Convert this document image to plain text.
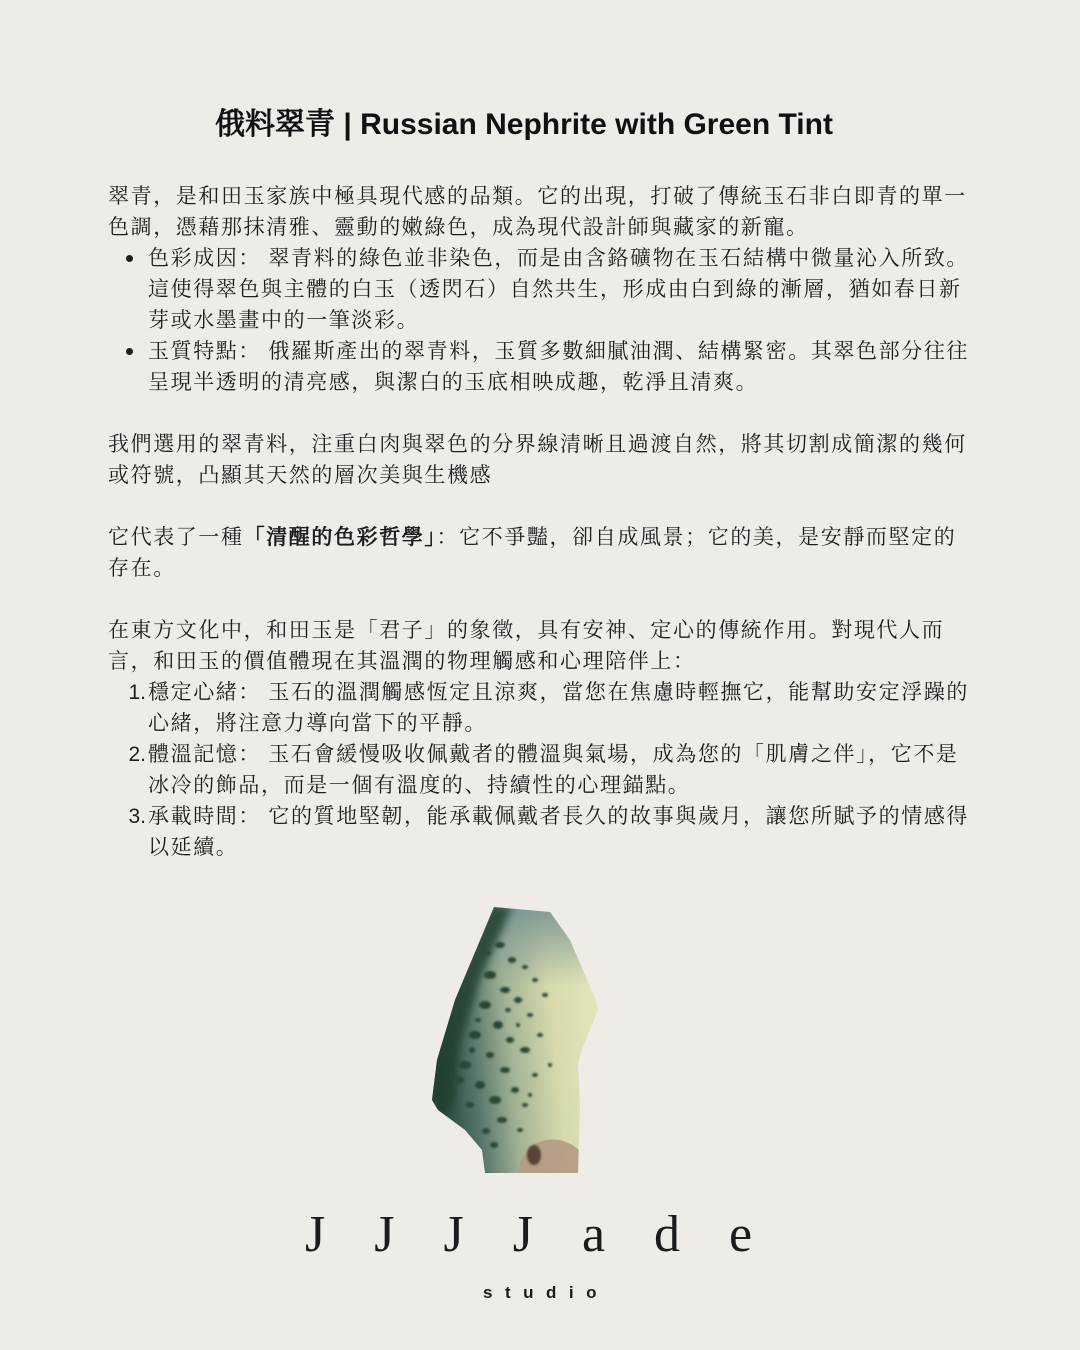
俄料翠青 | Russian Nephrite with Green Tint

翠青，是和田玉家族中極具現代感的品類。它的出現，打破了傳統玉石非白即青的單一
色調，憑藉那抹清雅、靈動的嫩綠色，成為現代設計師與藏家的新寵。

色彩成因： 翠青料的綠色並非染色，而是由含鉻礦物在玉石結構中微量沁入所致。
這使得翠色與主體的白玉（透閃石）自然共生，形成由白到綠的漸層，猶如春日新
芽或水墨畫中的一筆淡彩。
玉質特點： 俄羅斯產出的翠青料，玉質多數細膩油潤、結構緊密。其翠色部分往往
呈現半透明的清亮感，與潔白的玉底相映成趣，乾淨且清爽。

我們選用的翠青料，注重白肉與翠色的分界線清晰且過渡自然，將其切割成簡潔的幾何
或符號，凸顯其天然的層次美與生機感

它代表了一種「清醒的色彩哲學」：它不爭豔，卻自成風景；它的美，是安靜而堅定的
存在。

在東方文化中，和田玉是「君子」的象徵，具有安神、定心的傳統作用。對現代人而
言，和田玉的價值體現在其溫潤的物理觸感和心理陪伴上：

1. 穩定心緒： 玉石的溫潤觸感恆定且涼爽，當您在焦慮時輕撫它，能幫助安定浮躁的
心緒，將注意力導向當下的平靜。
2. 體溫記憶： 玉石會緩慢吸收佩戴者的體溫與氣場，成為您的「肌膚之伴」，它不是
冰冷的飾品，而是一個有溫度的、持續性的心理錨點。
3. 承載時間： 它的質地堅韌，能承載佩戴者長久的故事與歲月，讓您所賦予的情感得
以延續。
JJJJade
studio
